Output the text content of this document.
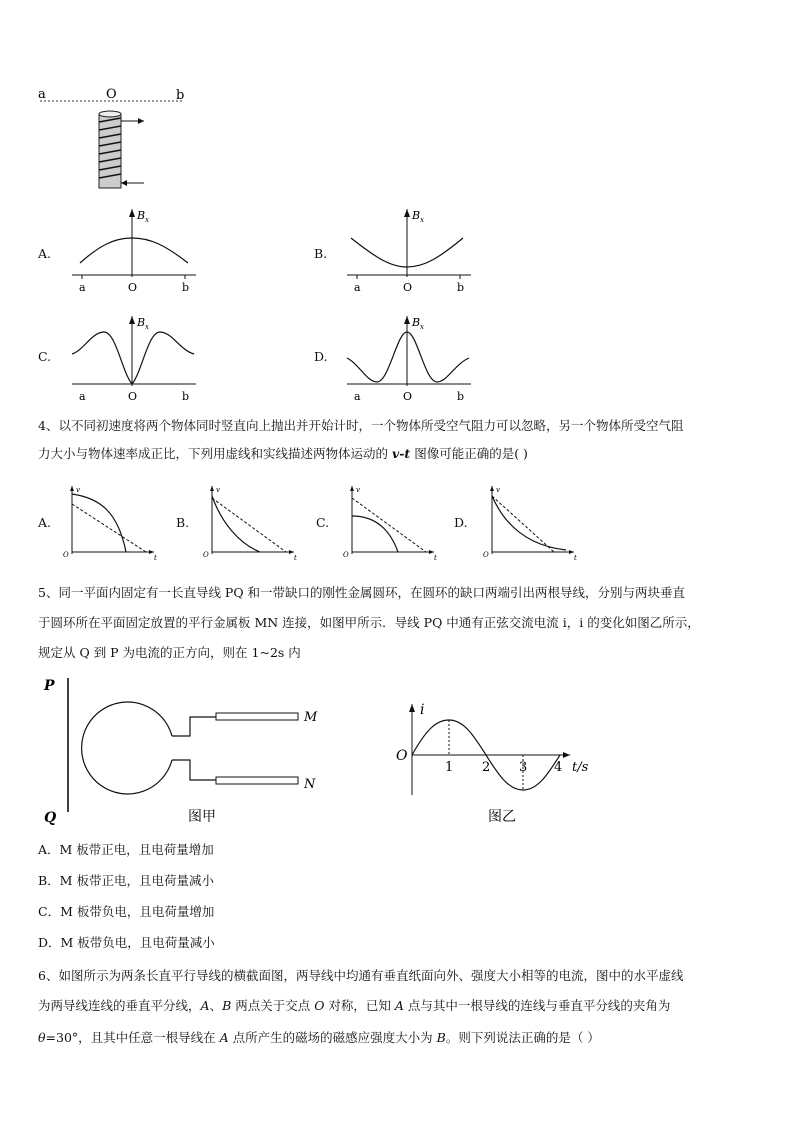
a	O	b
A.
B x
a	O	b
B.
B x
a	O	b
C.
B x
a	O	b
D.
B x
a	O	b
4、以不同初速度将两个物体同时竖直向上抛出并开始计时，一个物体所受空气阻力可以忽略，另一个物体所受空气阻
力大小与物体速率成正比，下列用虚线和实线描述两物体运动的 v-t 图像可能正确的是( )
A.
v
O	t
B.
v
O	t
C.
v
O	t
D.
v
O	t
5、同一平面内固定有一长直导线 PQ 和一带缺口的刚性金属圆环，在圆环的缺口两端引出两根导线，分别与两块垂直
于圆环所在平面固定放置的平行金属板 MN 连接，如图甲所示．导线 PQ 中通有正弦交流电流 i，i 的变化如图乙所示，
规定从 Q 到 P 为电流的正方向，则在 1~2s 内
P
Q
M
N
图甲
i
O
1 2 3 4 t/s
图乙
A．M 板带正电，且电荷量增加
B．M 板带正电，且电荷量减小
C．M 板带负电，且电荷量增加
D．M 板带负电，且电荷量减小
6、如图所示为两条长直平行导线的横截面图，两导线中均通有垂直纸面向外、强度大小相等的电流，图中的水平虚线
为两导线连线的垂直平分线，A、B 两点关于交点 O 对称，已知 A 点与其中一根导线的连线与垂直平分线的夹角为
θ=30°，且其中任意一根导线在 A 点所产生的磁场的磁感应强度大小为 B。则下列说法正确的是（ ）
